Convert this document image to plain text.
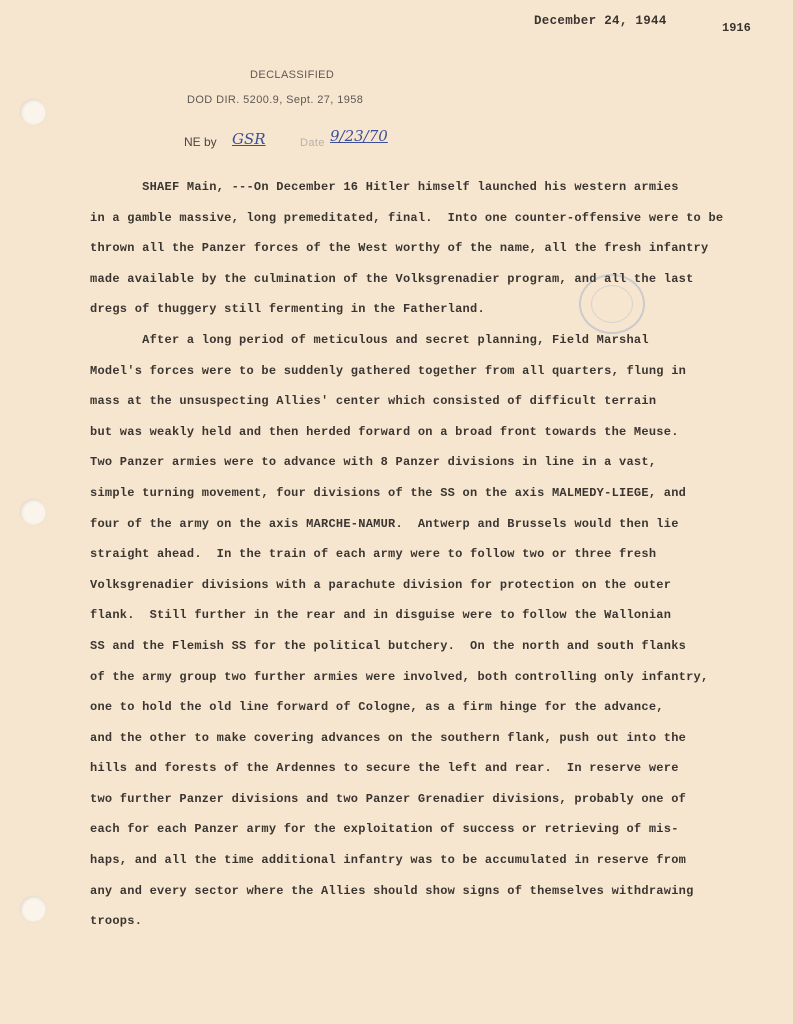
December 24, 1944	1916
DECLASSIFIED
DOD DIR. 5200.9, Sept. 27, 1958
NE by GSR	Date 9/23/70
SHAEF Main, ---On December 16 Hitler himself launched his western armies
in a gamble massive, long premeditated, final.  Into one counter-offensive were to be
thrown all the Panzer forces of the West worthy of the name, all the fresh infantry
made available by the culmination of the Volksgrenadier program, and all the last
dregs of thuggery still fermenting in the Fatherland.
After a long period of meticulous and secret planning, Field Marshal
Model's forces were to be suddenly gathered together from all quarters, flung in
mass at the unsuspecting Allies' center which consisted of difficult terrain
but was weakly held and then herded forward on a broad front towards the Meuse.
Two Panzer armies were to advance with 8 Panzer divisions in line in a vast,
simple turning movement, four divisions of the SS on the axis MALMEDY-LIEGE, and
four of the army on the axis MARCHE-NAMUR.  Antwerp and Brussels would then lie
straight ahead.  In the train of each army were to follow two or three fresh
Volksgrenadier divisions with a parachute division for protection on the outer
flank.  Still further in the rear and in disguise were to follow the Wallonian
SS and the Flemish SS for the political butchery.  On the north and south flanks
of the army group two further armies were involved, both controlling only infantry,
one to hold the old line forward of Cologne, as a firm hinge for the advance,
and the other to make covering advances on the southern flank, push out into the
hills and forests of the Ardennes to secure the left and rear.  In reserve were
two further Panzer divisions and two Panzer Grenadier divisions, probably one of
each for each Panzer army for the exploitation of success or retrieving of mis-
haps, and all the time additional infantry was to be accumulated in reserve from
any and every sector where the Allies should show signs of themselves withdrawing
troops.
